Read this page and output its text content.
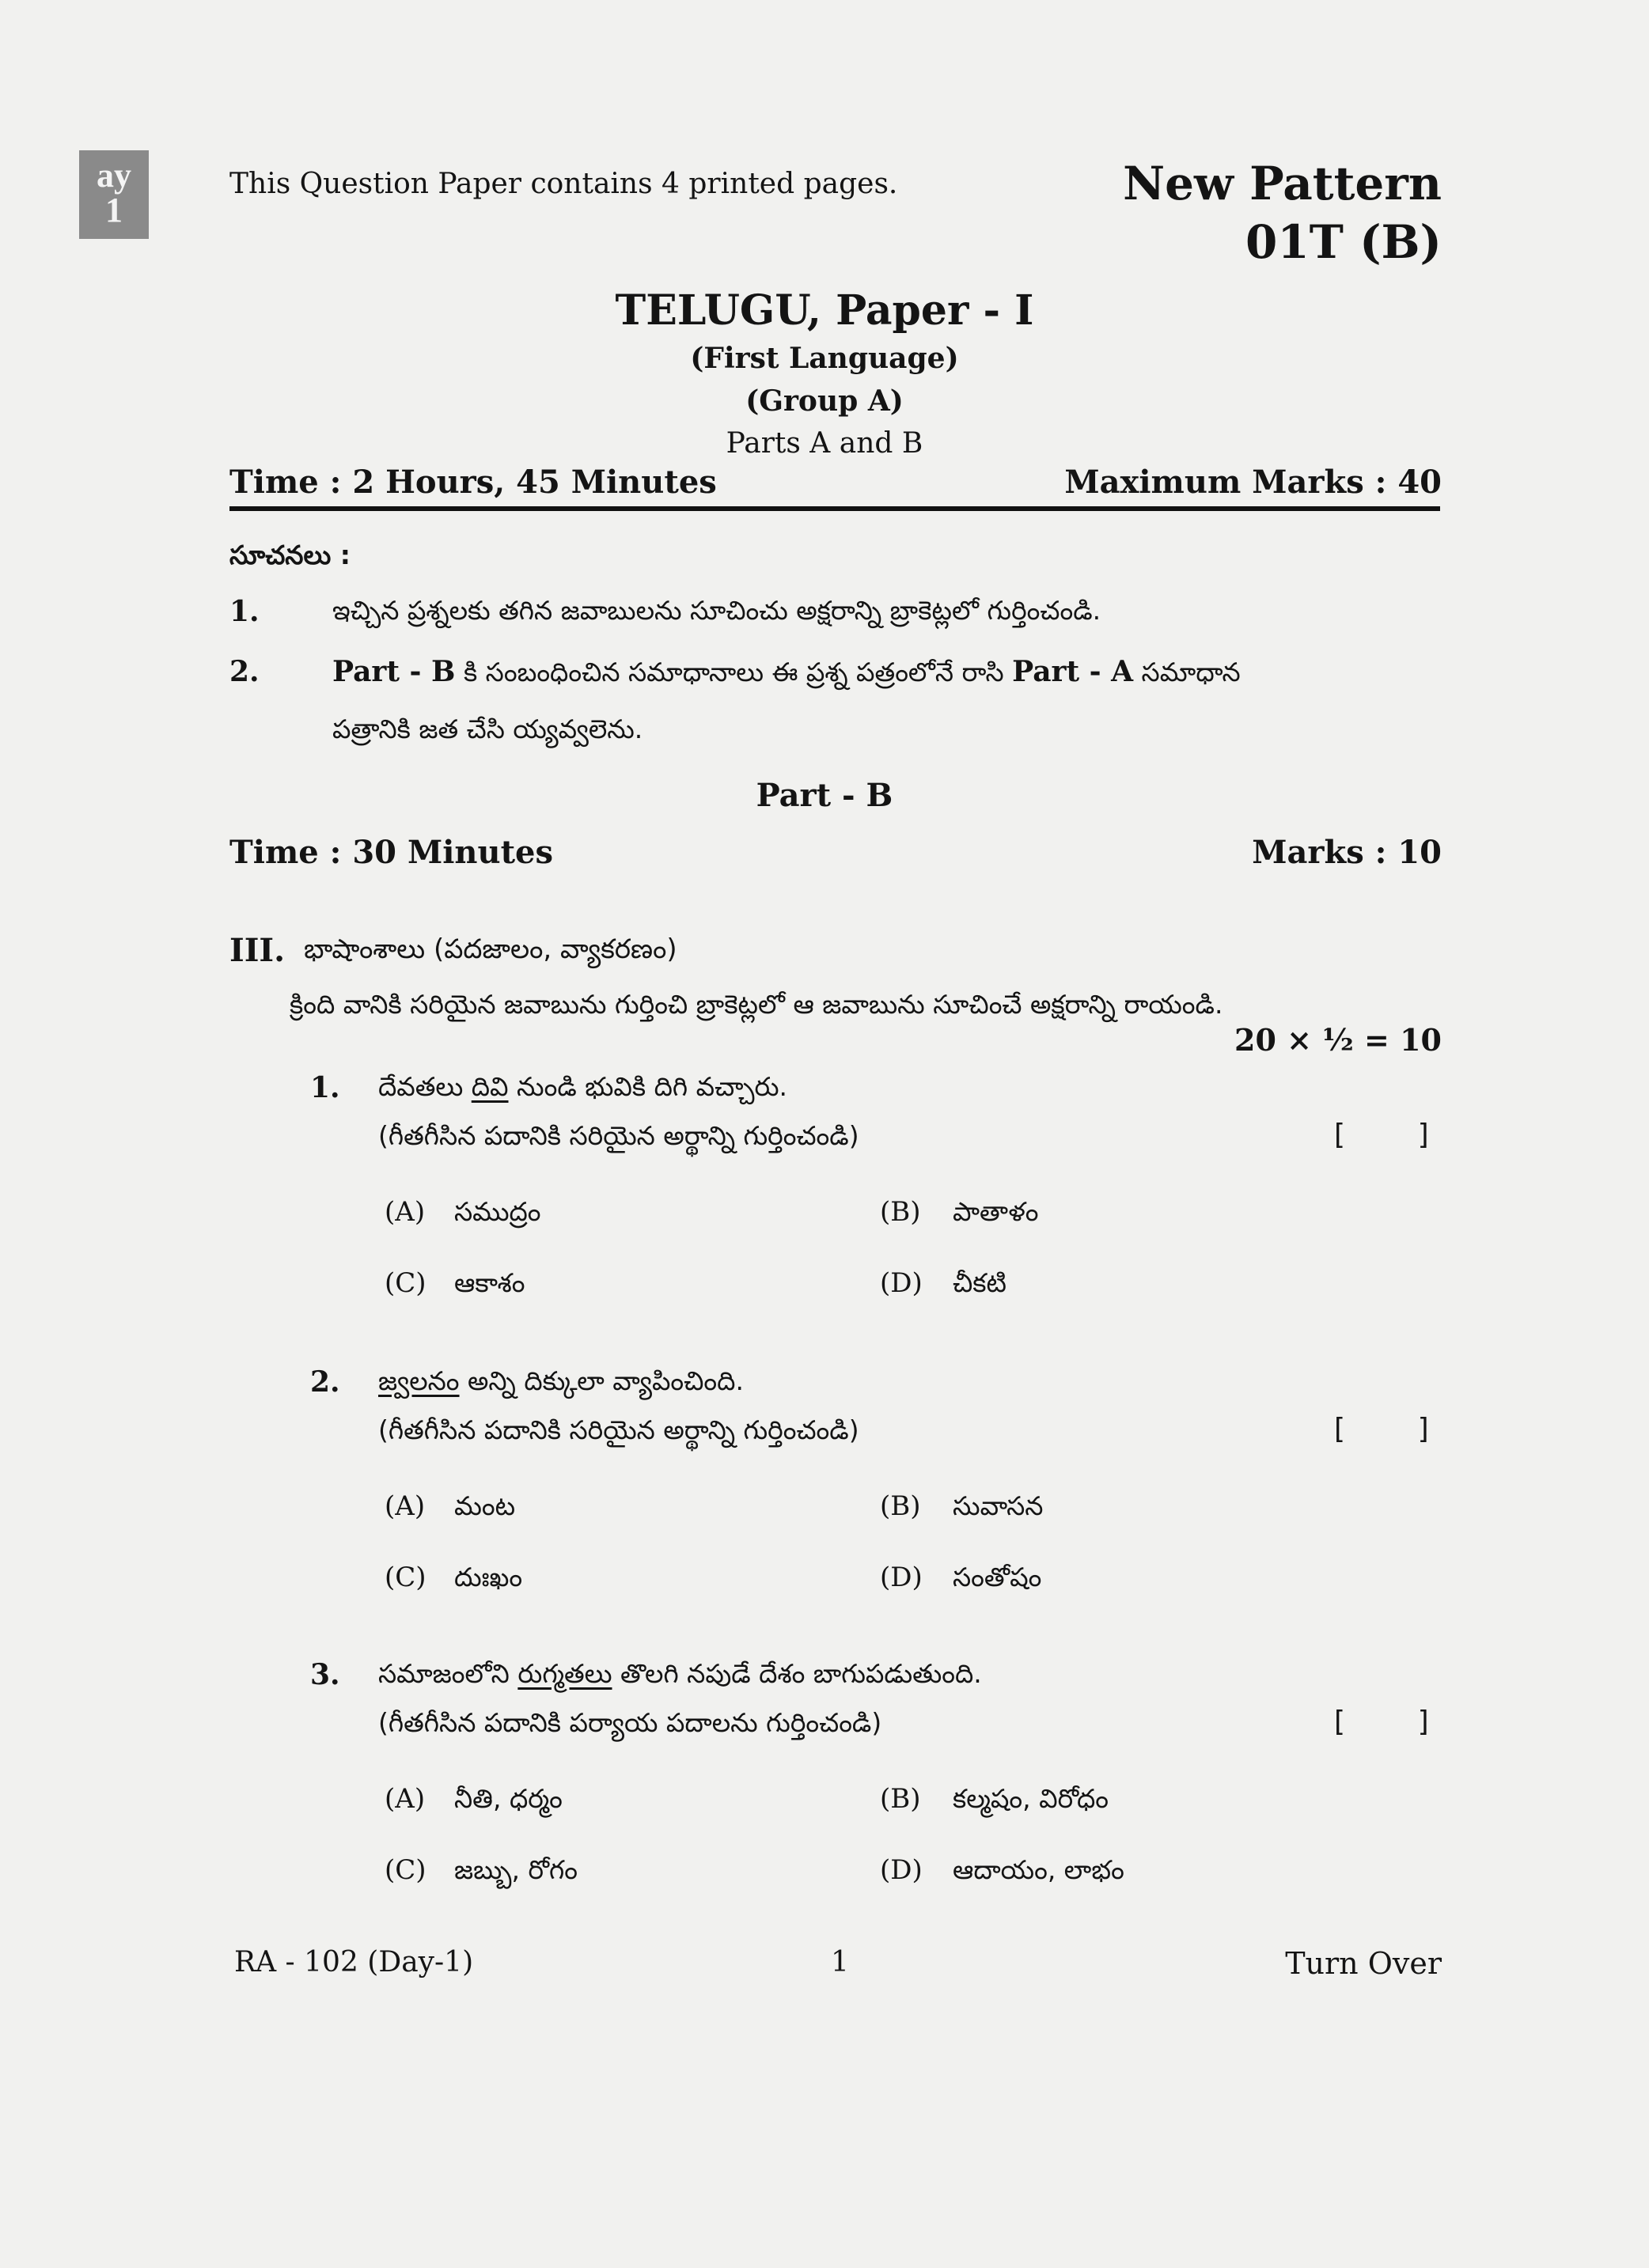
ay
1
This Question Paper contains 4 printed pages.	New Pattern
01T (B)
TELUGU, Paper - I
(First Language)
(Group A)
Parts A and B
Time : 2 Hours, 45 Minutes	Maximum Marks : 40
సూచనలు :
1.	ఇచ్చిన ప్రశ్నలకు తగిన జవాబులను సూచించు అక్షరాన్ని బ్రాకెట్లలో గుర్తించండి.
2.	Part - B కి సంబంధించిన సమాధానాలు ఈ ప్రశ్న పత్రంలోనే రాసి Part - A సమాధాన
పత్రానికి జత చేసి య్యవ్వలెను.
Part - B
Time : 30 Minutes	Marks : 10
III. భాషాంశాలు (పదజాలం, వ్యాకరణం)
క్రింది వానికి సరియైన జవాబును గుర్తించి బ్రాకెట్లలో ఆ జవాబును సూచించే అక్షరాన్ని రాయండి.
20 × ½ = 10
1. దేవతలు దివి నుండి భువికి దిగి వచ్చారు.
(గీతగీసిన పదానికి సరియైన అర్థాన్ని గుర్తించండి)	[        ]
(A) సముద్రం	(B) పాతాళం
(C) ఆకాశం	(D) చీకటి
2. జ్వలనం అన్ని దిక్కులా వ్యాపించింది.
(గీతగీసిన పదానికి సరియైన అర్థాన్ని గుర్తించండి)	[        ]
(A) మంట	(B) సువాసన
(C) దుఃఖం	(D) సంతోషం
3. సమాజంలోని రుగ్మతలు తొలగి నపుడే దేశం బాగుపడుతుంది.
(గీతగీసిన పదానికి పర్యాయ పదాలను గుర్తించండి)	[        ]
(A) నీతి, ధర్మం	(B) కల్మషం, విరోధం
(C) జబ్బు, రోగం	(D) ఆదాయం, లాభం
RA - 102 (Day-1)	1	Turn Over
